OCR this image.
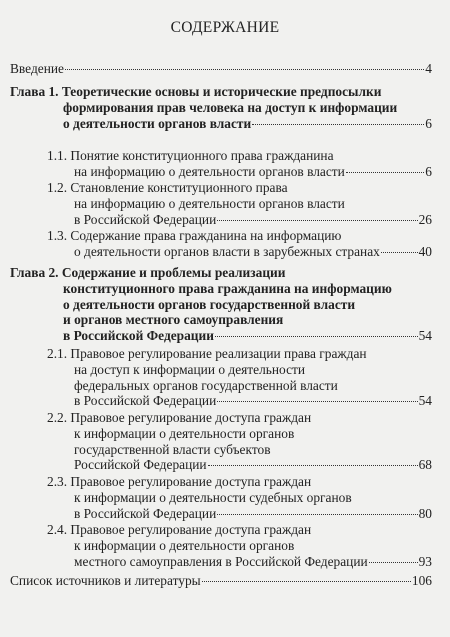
СОДЕРЖАНИЕ
Введение	4
Глава 1. Теоретические основы и исторические предпосылки
формирования прав человека на доступ к информации
о деятельности органов власти	6
1.1. Понятие конституционного права гражданина
на информацию о деятельности органов власти	6
1.2. Становление конституционного права
на информацию о деятельности органов власти
в Российской Федерации	26
1.3. Содержание права гражданина на информацию
о деятельности органов власти в зарубежных странах	40
Глава 2. Содержание и проблемы реализации
конституционного права гражданина на информацию
о деятельности органов государственной власти
и органов местного самоуправления
в Российской Федерации	54
2.1. Правовое регулирование реализации права граждан
на доступ к информации о деятельности
федеральных органов государственной власти
в Российской Федерации	54
2.2. Правовое регулирование доступа граждан
к информации о деятельности органов
государственной власти субъектов
Российской Федерации	68
2.3. Правовое регулирование доступа граждан
к информации о деятельности судебных органов
в Российской Федерации	80
2.4. Правовое регулирование доступа граждан
к информации о деятельности органов
местного самоуправления в Российской Федерации	93
Список источников и литературы	106
